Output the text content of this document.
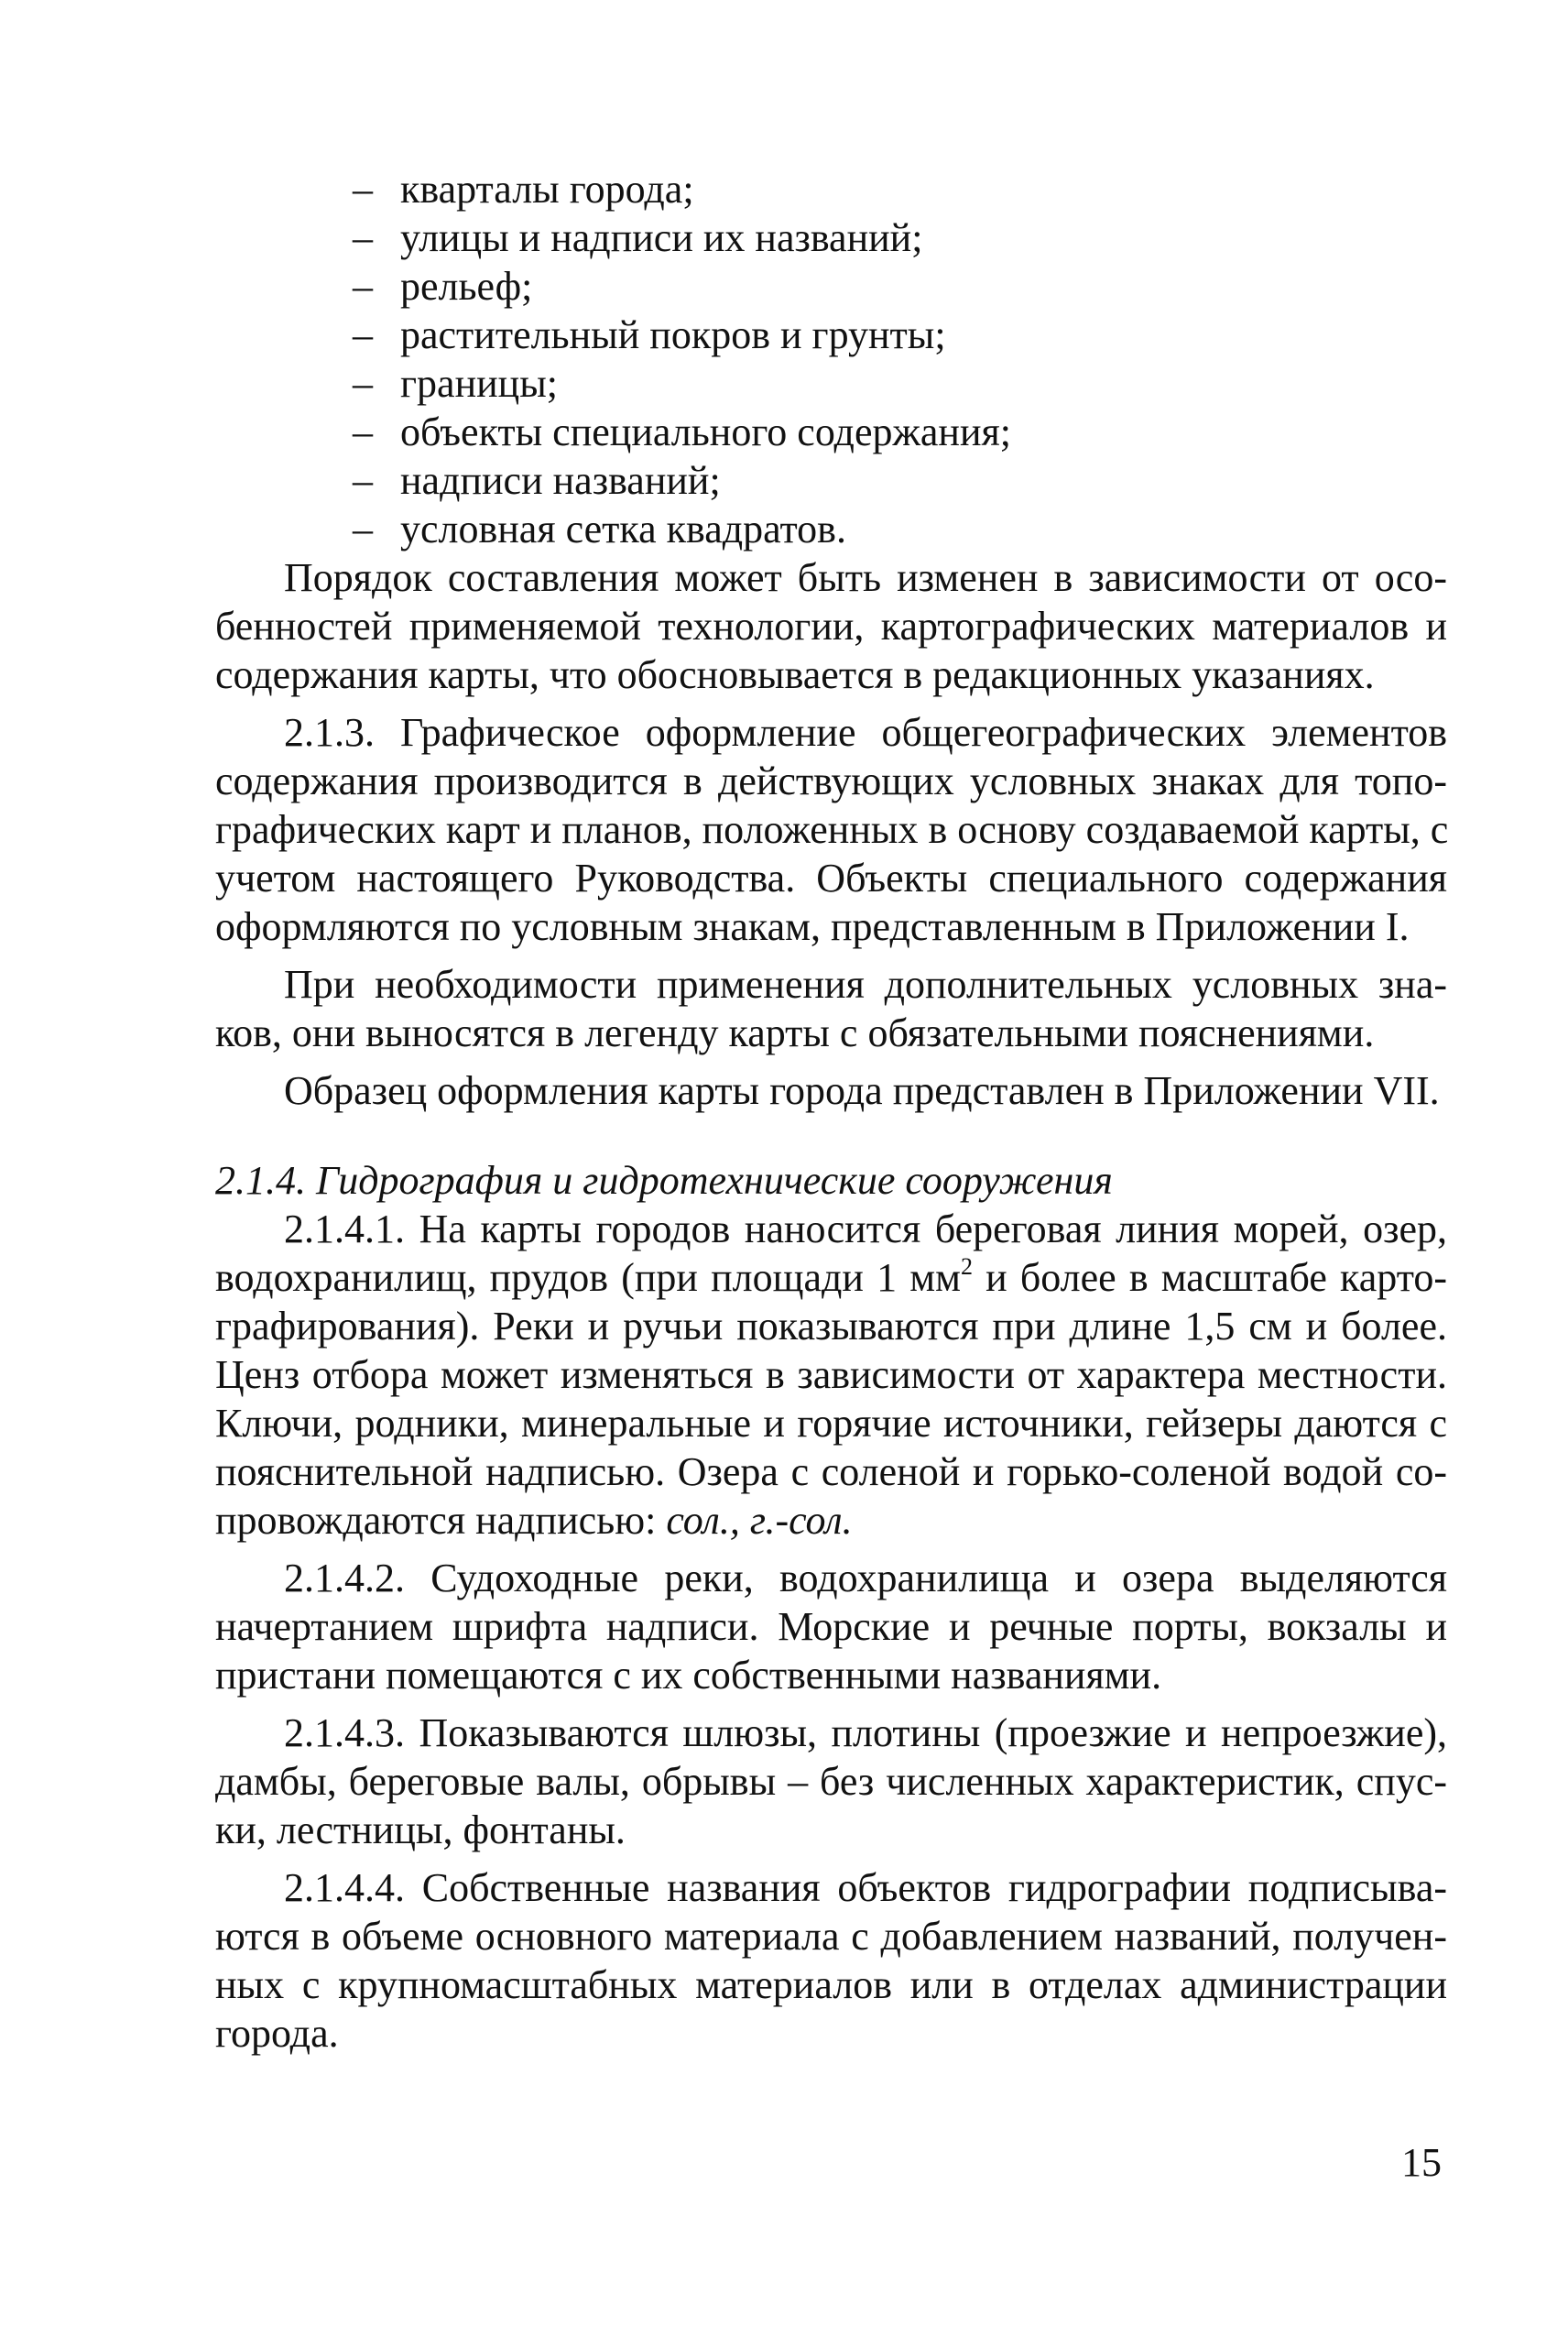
– кварталы города;
– улицы и надписи их названий;
– рельеф;
– растительный покров и грунты;
– границы;
– объекты специального содержания;
– надписи названий;
– условная сетка квадратов.
Порядок составления может быть изменен в зависимости от осо-
бенностей применяемой технологии, картографических материалов и
содержания карты, что обосновывается в редакционных указаниях.
2.1.3. Графическое оформление общегеографических элементов
содержания производится в действующих условных знаках для топо-
графических карт и планов, положенных в основу создаваемой карты, с
учетом настоящего Руководства. Объекты специального содержания
оформляются по условным знакам, представленным в Приложении I.
При необходимости применения дополнительных условных зна-
ков, они выносятся в легенду карты с обязательными пояснениями.
Образец оформления карты города представлен в Приложении VII.
2.1.4. Гидрография и гидротехнические сооружения
2.1.4.1. На карты городов наносится береговая линия морей, озер,
водохранилищ, прудов (при площади 1 $мм^2$ и более в масштабе карто-
графирования). Реки и ручьи показываются при длине 1,5 см и более.
Ценз отбора может изменяться в зависимости от характера местности.
Ключи, родники, минеральные и горячие источники, гейзеры даются с
пояснительной надписью. Озера с соленой и горько-соленой водой со-
провождаются надписью: сол., г.-сол.
2.1.4.2. Судоходные реки, водохранилища и озера выделяются
начертанием шрифта надписи. Морские и речные порты, вокзалы и
пристани помещаются с их собственными названиями.
2.1.4.3. Показываются шлюзы, плотины (проезжие и непроезжие),
дамбы, береговые валы, обрывы – без численных характеристик, спус-
ки, лестницы, фонтаны.
2.1.4.4. Собственные названия объектов гидрографии подписыва-
ются в объеме основного материала с добавлением названий, получен-
ных с крупномасштабных материалов или в отделах администрации
города.
15
